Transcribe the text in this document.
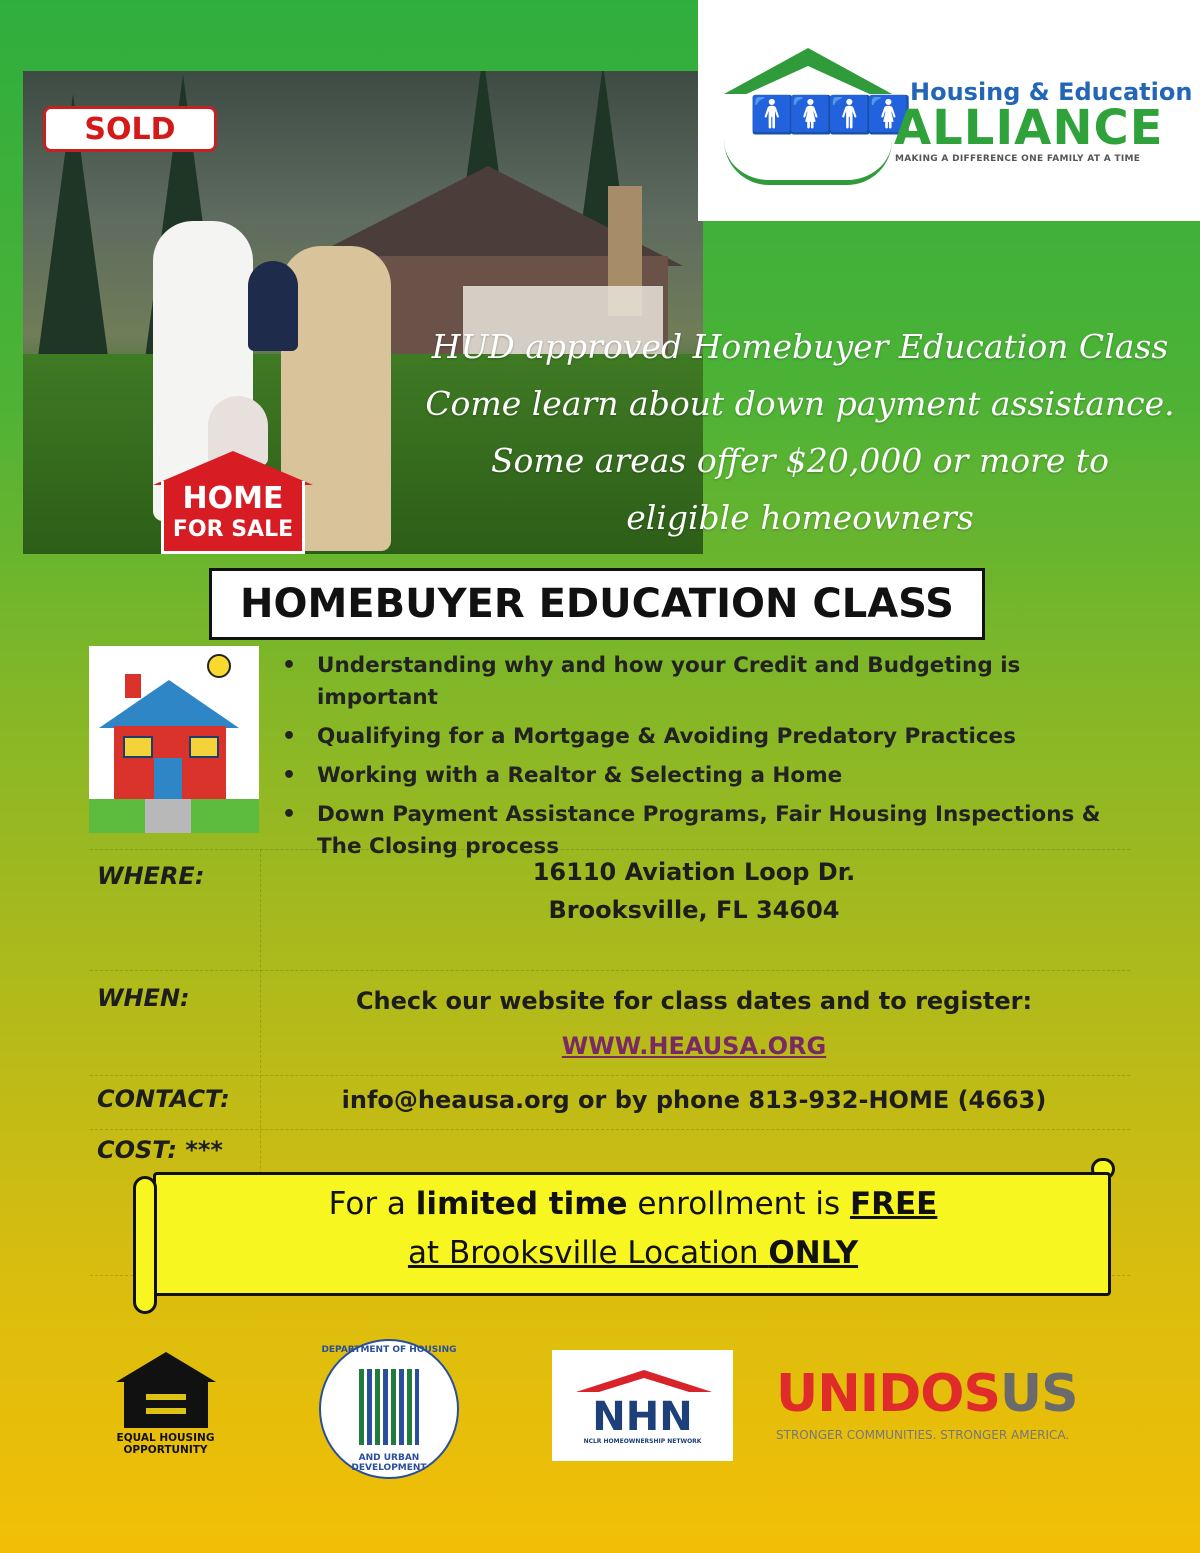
SOLD
HOME
FOR SALE
🚹🚺🚹🚺
Housing & Education
ALLIANCE
MAKING A DIFFERENCE ONE FAMILY AT A TIME
HUD approved Homebuyer Education Class
Come learn about down payment assistance.
Some areas offer $20,000 or more to
eligible homeowners
HOMEBUYER EDUCATION CLASS
• Understanding why and how your Credit and Budgeting is important
• Qualifying for a Mortgage & Avoiding Predatory Practices
• Working with a Realtor & Selecting a Home
• Down Payment Assistance Programs, Fair Housing Inspections & The Closing process
WHERE:	16110 Aviation Loop Dr.
Brooksville, FL 34604
WHEN:	Check our website for class dates and to register:
WWW.HEAUSA.ORG
CONTACT:	info@heausa.org or by phone 813-932-HOME (4663)
COST: ***
For a limited time enrollment is FREE
at Brooksville Location ONLY
EQUAL HOUSING
OPPORTUNITY
DEPARTMENT OF HOUSING
AND URBAN DEVELOPMENT
NHN
NCLR HOMEOWNERSHIP NETWORK
UNIDOSUS
STRONGER COMMUNITIES. STRONGER AMERICA.
